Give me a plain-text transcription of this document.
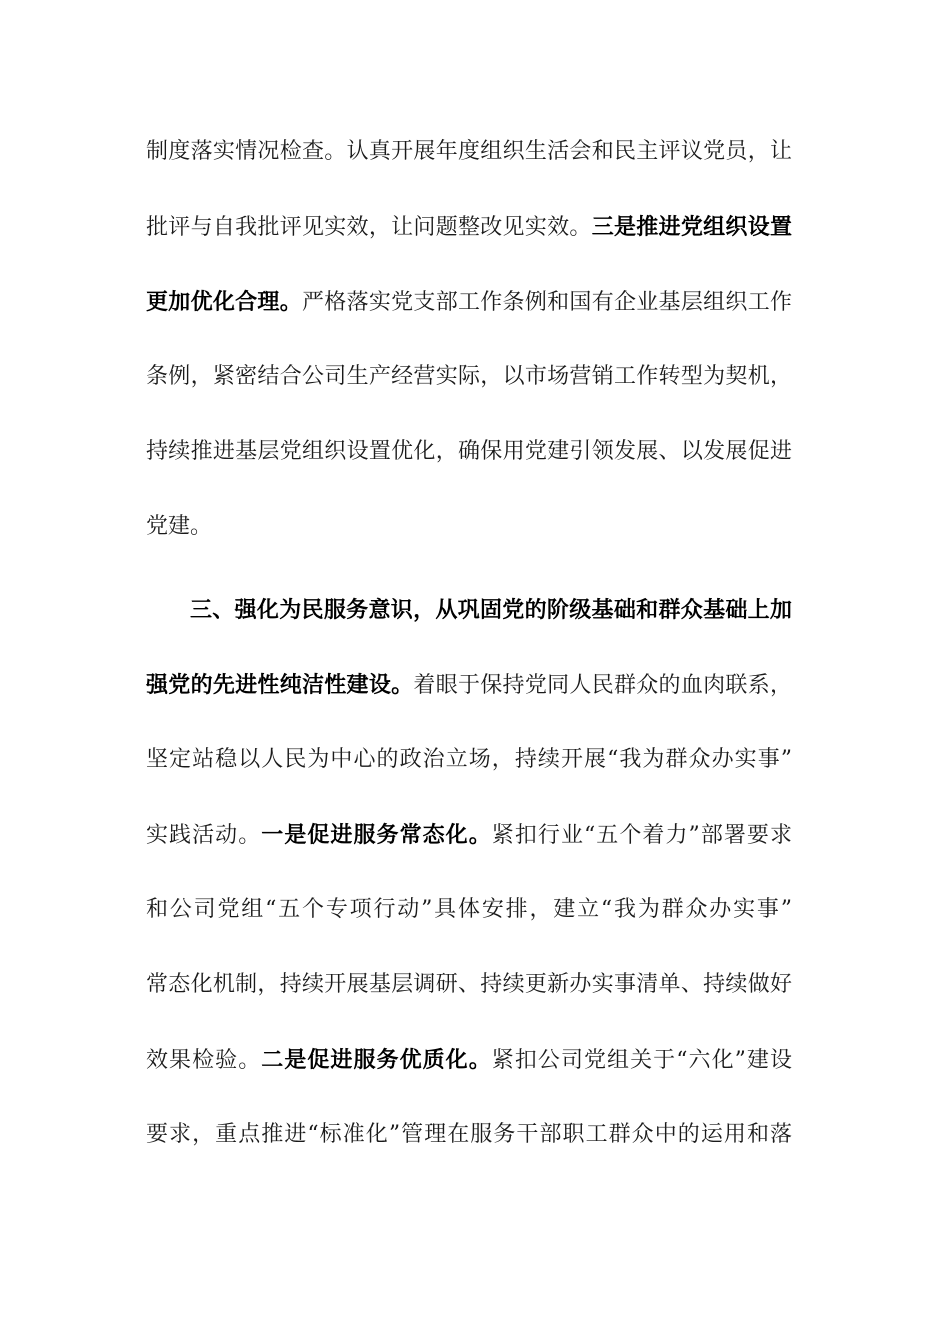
制度落实情况检查。认真开展年度组织生活会和民主评议党员，让
批评与自我批评见实效，让问题整改见实效。三是推进党组织设置
更加优化合理。严格落实党支部工作条例和国有企业基层组织工作
条例，紧密结合公司生产经营实际，以市场营销工作转型为契机，
持续推进基层党组织设置优化，确保用党建引领发展、以发展促进
党建。
三、强化为民服务意识，从巩固党的阶级基础和群众基础上加
强党的先进性纯洁性建设。着眼于保持党同人民群众的血肉联系，
坚定站稳以人民为中心的政治立场，持续开展“我为群众办实事”
实践活动。一是促进服务常态化。紧扣行业“五个着力”部署要求
和公司党组“五个专项行动”具体安排，建立“我为群众办实事”
常态化机制，持续开展基层调研、持续更新办实事清单、持续做好
效果检验。二是促进服务优质化。紧扣公司党组关于“六化”建设
要求，重点推进“标准化”管理在服务干部职工群众中的运用和落
